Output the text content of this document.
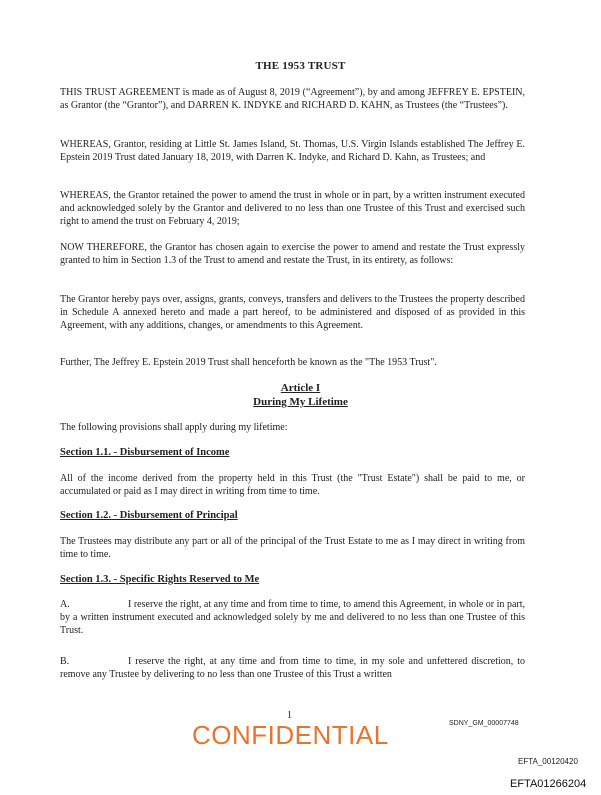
THE 1953 TRUST

THIS TRUST AGREEMENT is made as of August 8, 2019 (“Agreement”), by and among JEFFREY E. EPSTEIN, as Grantor (the “Grantor”), and DARREN K. INDYKE and RICHARD D. KAHN, as Trustees (the “Trustees”).

WHEREAS, Grantor, residing at Little St. James Island, St. Thomas, U.S. Virgin Islands established The Jeffrey E. Epstein 2019 Trust dated January 18, 2019, with Darren K. Indyke, and Richard D. Kahn, as Trustees; and

WHEREAS, the Grantor retained the power to amend the trust in whole or in part, by a written instrument executed and acknowledged solely by the Grantor and delivered to no less than one Trustee of this Trust and exercised such right to amend the trust on February 4, 2019;

NOW THEREFORE, the Grantor has chosen again to exercise the power to amend and restate the Trust expressly granted to him in Section 1.3 of the Trust to amend and restate the Trust, in its entirety, as follows:

The Grantor hereby pays over, assigns, grants, conveys, transfers and delivers to the Trustees the property described in Schedule A annexed hereto and made a part hereof, to be administered and disposed of as provided in this Agreement, with any additions, changes, or amendments to this Agreement.

Further, The Jeffrey E. Epstein 2019 Trust shall henceforth be known as the "The 1953 Trust".

Article I
During My Lifetime

The following provisions shall apply during my lifetime:

Section 1.1. - Disbursement of Income

All of the income derived from the property held in this Trust (the "Trust Estate") shall be paid to me, or accumulated or paid as I may direct in writing from time to time.

Section 1.2. - Disbursement of Principal

The Trustees may distribute any part or all of the principal of the Trust Estate to me as I may direct in writing from time to time.

Section 1.3. - Specific Rights Reserved to Me
A.	I reserve the right, at any time and from time to time, to amend this Agreement, in whole or in part, by a written instrument executed and acknowledged solely by me and delivered to no less than one Trustee of this Trust.
B.	I reserve the right, at any time and from time to time, in my sole and unfettered discretion, to remove any Trustee by delivering to no less than one Trustee of this Trust a written
1
CONFIDENTIAL	SDNY_GM_00007748
EFTA_00120420
EFTA01266204
